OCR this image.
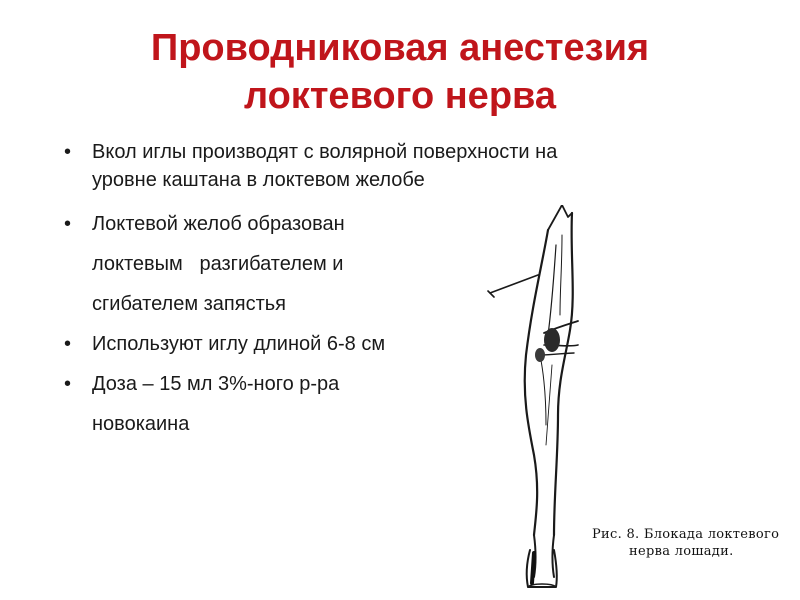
Проводниковая анестезия
локтевого нерва
• Вкол иглы производят с волярной поверхности на
уровне каштана в локтевом желобе
• Локтевой желоб образован
локтевым   разгибателем и
сгибателем запястья
• Используют иглу длиной 6-8 см
• Доза – 15 мл 3%-ного р-ра
новокаина
Рис. 8. Блокада локтевого
нерва лошади.
